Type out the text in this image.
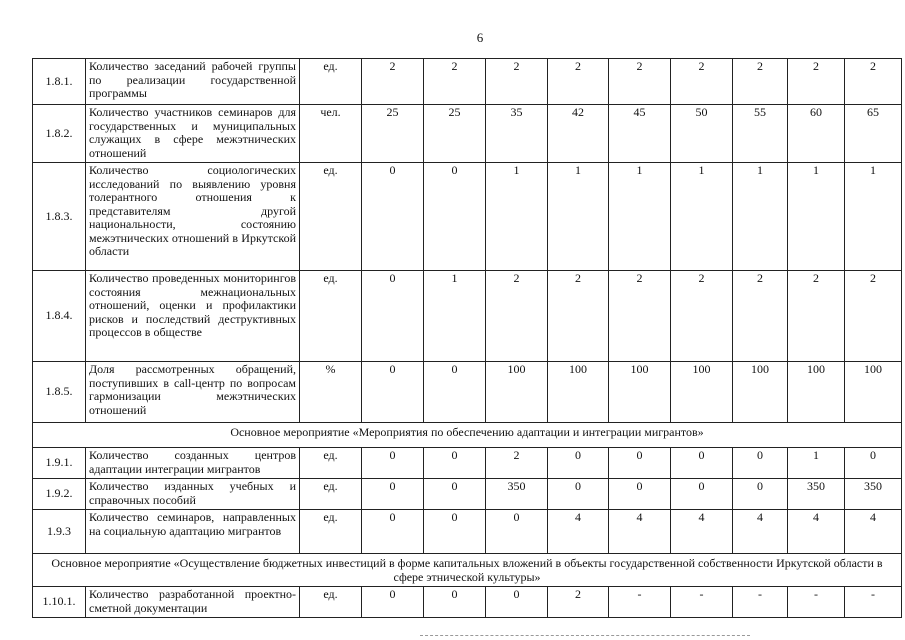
6
1.8.1.	Количество заседаний рабочей группы по реализации государственной программы	ед.	2	2	2	2	2	2	2	2	2
1.8.2.	Количество участников семинаров для государственных и муниципальных служащих в сфере межэтнических отношений	чел.	25	25	35	42	45	50	55	60	65
1.8.3.	Количество социологических исследований по выявлению уровня толерантного отношения к представителям другой национальности, состоянию межэтнических отношений в Иркутской области	ед.	0	0	1	1	1	1	1	1	1
1.8.4.	Количество проведенных мониторингов состояния межнациональных отношений, оценки и профилактики рисков и последствий деструктивных процессов в обществе	ед.	0	1	2	2	2	2	2	2	2
1.8.5.	Доля рассмотренных обращений, поступивших в call-центр по вопросам гармонизации межэтнических отношений	%	0	0	100	100	100	100	100	100	100
Основное мероприятие «Мероприятия по обеспечению адаптации и интеграции мигрантов»											
1.9.1.	Количество созданных центров адаптации интеграции мигрантов	ед.	0	0	2	0	0	0	0	1	0
1.9.2.	Количество изданных учебных и справочных пособий	ед.	0	0	350	0	0	0	0	350	350
1.9.3	Количество семинаров, направленных на социальную адаптацию мигрантов	ед.	0	0	0	4	4	4	4	4	4
Основное мероприятие «Осуществление бюджетных инвестиций в форме капитальных вложений в объекты государственной собственности Иркутской области в сфере этнической культуры»											
1.10.1.	Количество разработанной проектно-сметной документации	ед.	0	0	0	2	-	-	-	-	-
